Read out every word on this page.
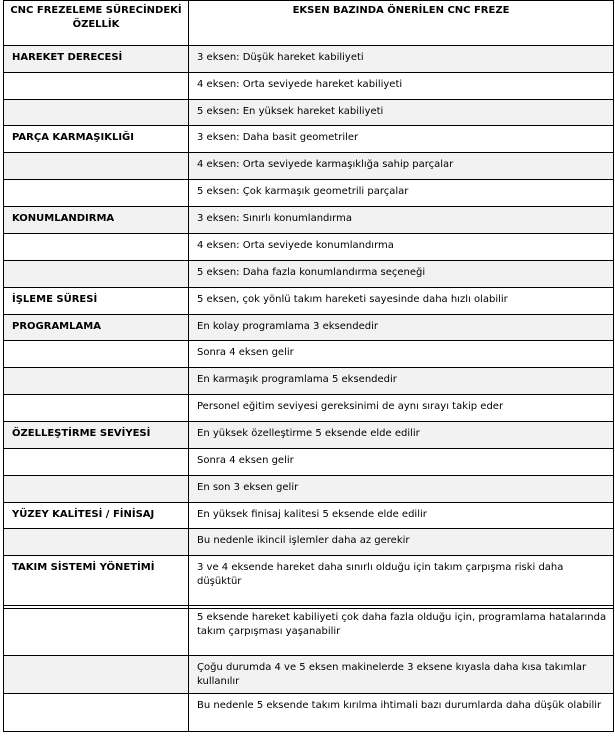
CNC FREZELEME SÜRECİNDEKİ ÖZELLİK	EKSEN BAZINDA ÖNERİLEN CNC FREZE
HAREKET DERECESİ	3 eksen: Düşük hareket kabiliyeti
	4 eksen: Orta seviyede hareket kabiliyeti
	5 eksen: En yüksek hareket kabiliyeti
PARÇA KARMAŞIKLIĞI	3 eksen: Daha basit geometriler
	4 eksen: Orta seviyede karmaşıklığa sahip parçalar
	5 eksen: Çok karmaşık geometrili parçalar
KONUMLANDIRMA	3 eksen: Sınırlı konumlandırma
	4 eksen: Orta seviyede konumlandırma
	5 eksen: Daha fazla konumlandırma seçeneği
İŞLEME SÜRESİ	5 eksen, çok yönlü takım hareketi sayesinde daha hızlı olabilir
PROGRAMLAMA	En kolay programlama 3 eksendedir
	Sonra 4 eksen gelir
	En karmaşık programlama 5 eksendedir
	Personel eğitim seviyesi gereksinimi de aynı sırayı takip eder
ÖZELLEŞTİRME SEVİYESİ	En yüksek özelleştirme 5 eksende elde edilir
	Sonra 4 eksen gelir
	En son 3 eksen gelir
YÜZEY KALİTESİ / FİNİSAJ	En yüksek finisaj kalitesi 5 eksende elde edilir
	Bu nedenle ikincil işlemler daha az gerekir
TAKIM SİSTEMİ YÖNETİMİ	3 ve 4 eksende hareket daha sınırlı olduğu için takım çarpışma riski daha düşüktür
	5 eksende hareket kabiliyeti çok daha fazla olduğu için, programlama hatalarında takım çarpışması yaşanabilir
	Çoğu durumda 4 ve 5 eksen makinelerde 3 eksene kıyasla daha kısa takımlar kullanılır
	Bu nedenle 5 eksende takım kırılma ihtimali bazı durumlarda daha düşük olabilir
